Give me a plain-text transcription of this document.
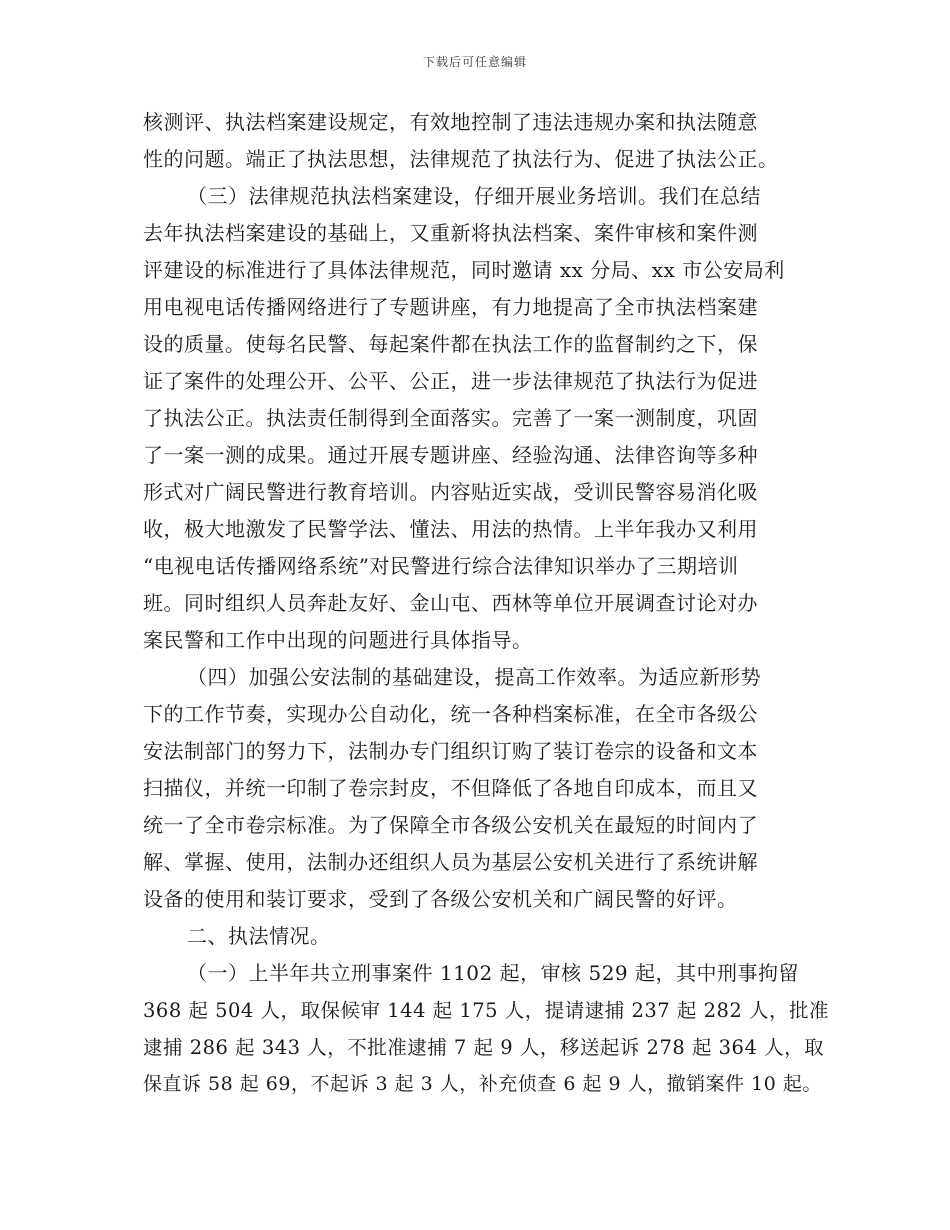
下载后可任意编辑
核测评、执法档案建设规定，有效地控制了违法违规办案和执法随意
性的问题。端正了执法思想，法律规范了执法行为、促进了执法公正。
（三）法律规范执法档案建设，仔细开展业务培训。我们在总结
去年执法档案建设的基础上，又重新将执法档案、案件审核和案件测
评建设的标准进行了具体法律规范，同时邀请 xx 分局、xx 市公安局利
用电视电话传播网络进行了专题讲座，有力地提高了全市执法档案建
设的质量。使每名民警、每起案件都在执法工作的监督制约之下，保
证了案件的处理公开、公平、公正，进一步法律规范了执法行为促进
了执法公正。执法责任制得到全面落实。完善了一案一测制度，巩固
了一案一测的成果。通过开展专题讲座、经验沟通、法律咨询等多种
形式对广阔民警进行教育培训。内容贴近实战，受训民警容易消化吸
收，极大地激发了民警学法、懂法、用法的热情。上半年我办又利用
“电视电话传播网络系统”对民警进行综合法律知识举办了三期培训
班。同时组织人员奔赴友好、金山屯、西林等单位开展调查讨论对办
案民警和工作中出现的问题进行具体指导。
（四）加强公安法制的基础建设，提高工作效率。为适应新形势
下的工作节奏，实现办公自动化，统一各种档案标准，在全市各级公
安法制部门的努力下，法制办专门组织订购了装订卷宗的设备和文本
扫描仪，并统一印制了卷宗封皮，不但降低了各地自印成本，而且又
统一了全市卷宗标准。为了保障全市各级公安机关在最短的时间内了
解、掌握、使用，法制办还组织人员为基层公安机关进行了系统讲解
设备的使用和装订要求，受到了各级公安机关和广阔民警的好评。
二、执法情况。
（一）上半年共立刑事案件 1102 起，审核 529 起，其中刑事拘留
368 起 504 人，取保候审 144 起 175 人，提请逮捕 237 起 282 人，批准
逮捕 286 起 343 人，不批准逮捕 7 起 9 人，移送起诉 278 起 364 人，取
保直诉 58 起 69，不起诉 3 起 3 人，补充侦查 6 起 9 人，撤销案件 10 起。
